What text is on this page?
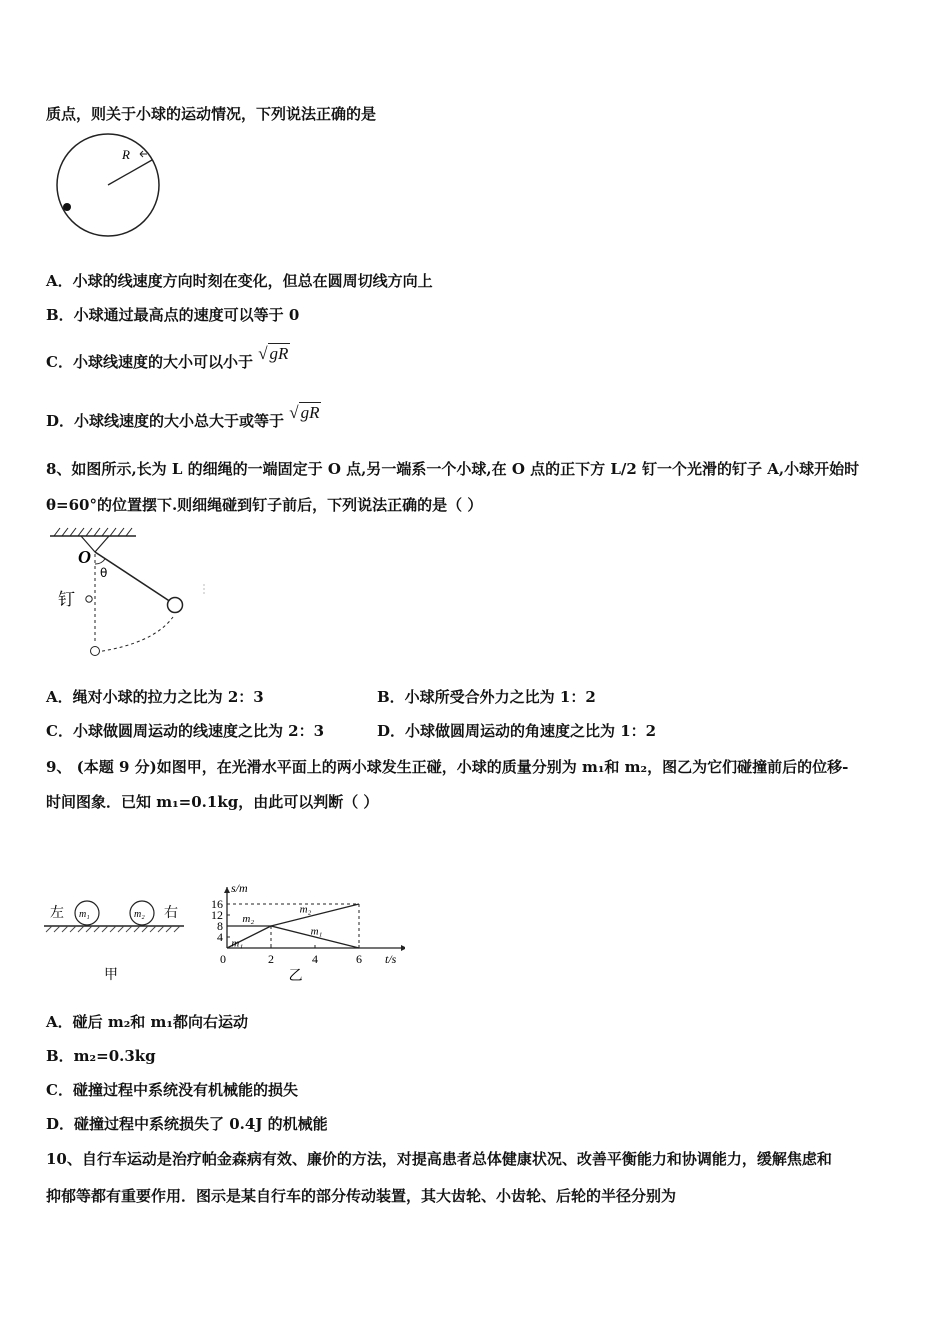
质点，则关于小球的运动情况，下列说法正确的是
R
A．小球的线速度方向时刻在变化，但总在圆周切线方向上
B．小球通过最高点的速度可以等于 0
C．小球线速度的大小可以小于 √ gR
D．小球线速度的大小总大于或等于 √ gR
8、如图所示,长为 L 的细绳的一端固定于 O 点,另一端系一个小球,在 O 点的正下方 L/2 钉一个光滑的钉子 A,小球开始时
θ=60°的位置摆下.则细绳碰到钉子前后，下列说法正确的是（ ）
O
θ
钉
A．绳对小球的拉力之比为 2：3	B．小球所受合外力之比为 1：2
C．小球做圆周运动的线速度之比为 2：3	D．小球做圆周运动的角速度之比为 1：2
9、 (本题 9 分)如图甲，在光滑水平面上的两小球发生正碰，小球的质量分别为 m₁和 m₂，图乙为它们碰撞前后的位移-
时间图象．已知 m₁=0.1kg，由此可以判断（ ）
左 m₁	m₂ 右
甲
s/m
t/s
0	2	4	6
4
8
12
16
m₂
m₂
m₁
m₁
乙
A．碰后 m₂和 m₁都向右运动
B．m₂=0.3kg
C．碰撞过程中系统没有机械能的损失
D．碰撞过程中系统损失了 0.4J 的机械能
10、自行车运动是治疗帕金森病有效、廉价的方法，对提高患者总体健康状况、改善平衡能力和协调能力，缓解焦虑和
抑郁等都有重要作用．图示是某自行车的部分传动装置，其大齿轮、小齿轮、后轮的半径分别为
